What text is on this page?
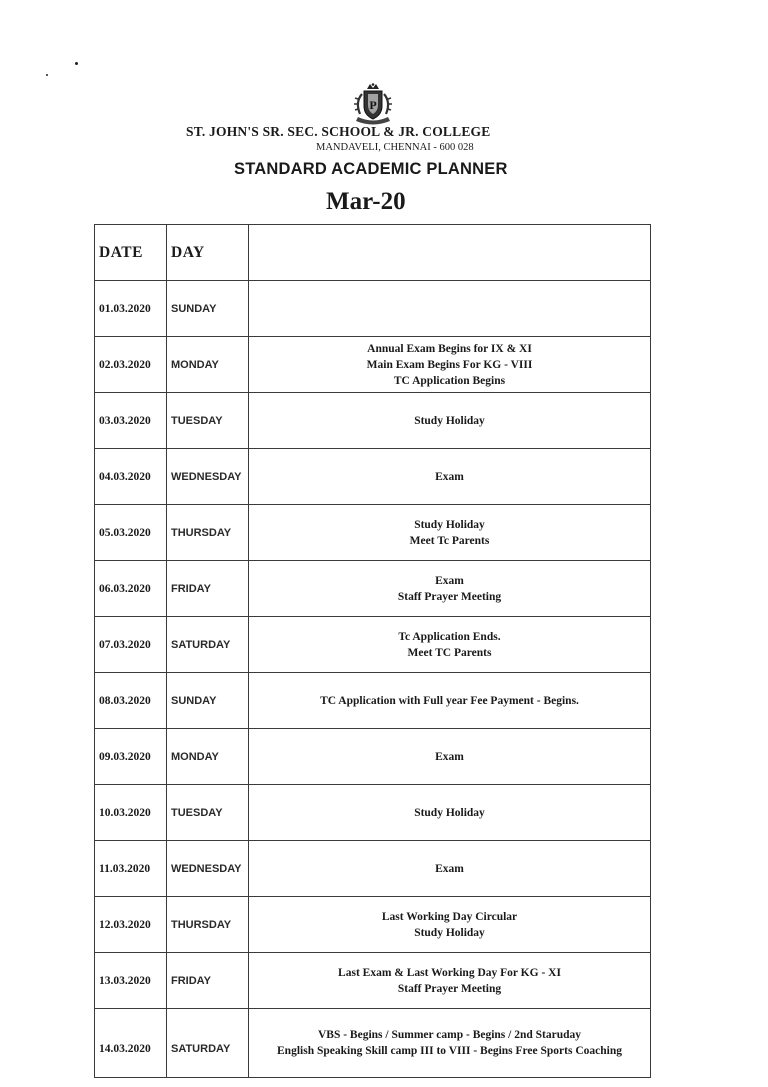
P
ST. JOHN'S SR. SEC. SCHOOL & JR. COLLEGE
MANDAVELI, CHENNAI - 600 028
STANDARD ACADEMIC PLANNER
Mar-20
DATE	DAY	
01.03.2020	SUNDAY	
02.03.2020	MONDAY	Annual Exam Begins for IX & XI
Main Exam Begins For KG - VIII
TC Application Begins

03.03.2020	TUESDAY	Study Holiday

04.03.2020	WEDNESDAY	Exam

05.03.2020	THURSDAY	Study Holiday
Meet Tc Parents

06.03.2020	FRIDAY	Exam
Staff Prayer Meeting

07.03.2020	SATURDAY	Tc Application Ends.
Meet TC Parents

08.03.2020	SUNDAY	TC Application with Full year Fee Payment - Begins.

09.03.2020	MONDAY	Exam

10.03.2020	TUESDAY	Study Holiday

11.03.2020	WEDNESDAY	Exam

12.03.2020	THURSDAY	Last Working Day Circular
Study Holiday

13.03.2020	FRIDAY	Last Exam & Last Working Day For KG - XI
Staff Prayer Meeting

14.03.2020	SATURDAY	VBS - Begins / Summer camp - Begins / 2nd Staruday
English Speaking Skill camp III to VIII - Begins Free Sports Coaching
